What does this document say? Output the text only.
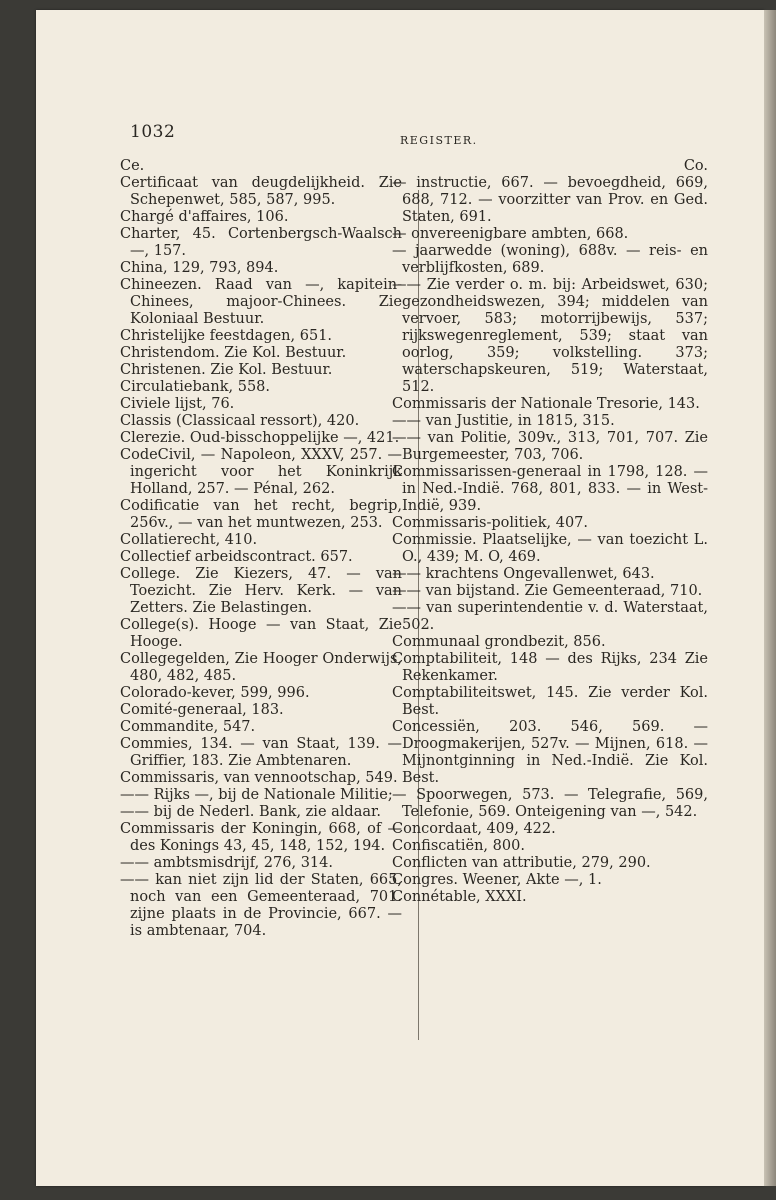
1032	REGISTER.
Ce.
Certificaat van deugdelijkheid. Zie Schepenwet, 585, 587, 995.
Chargé d'affaires, 106.
Charter, 45. Cortenbergsch-Waalsch —, 157.
China, 129, 793, 894.
Chineezen. Raad van —, kapitein-Chinees, majoor-Chinees. Zie Koloniaal Bestuur.
Christelijke feestdagen, 651.
Christendom. Zie Kol. Bestuur.
Christenen. Zie Kol. Bestuur.
Circulatiebank, 558.
Civiele lijst, 76.
Classis (Classicaal ressort), 420.
Clerezie. Oud-bisschoppelijke —, 421.
CodeCivil, — Napoleon, XXXV, 257. — ingericht voor het Koninkrijk Holland, 257. — Pénal, 262.
Codificatie van het recht, begrip, 256v., — van het muntwezen, 253.
Collatierecht, 410.
Collectief arbeidscontract. 657.
College. Zie Kiezers, 47. — van Toezicht. Zie Herv. Kerk. — van Zetters. Zie Belastingen.
College(s). Hooge — van Staat, Zie Hooge.
Collegegelden, Zie Hooger Onderwijs, 480, 482, 485.
Colorado-kever, 599, 996.
Comité-generaal, 183.
Commandite, 547.
Commies, 134. — van Staat, 139. — Griffier, 183. Zie Ambtenaren.
Commissaris, van vennootschap, 549.
—— Rijks —, bij de Nationale Militie;
—— bij de Nederl. Bank, zie aldaar.
Commissaris der Koningin, 668, of — des Konings 43, 45, 148, 152, 194.
—— ambtsmisdrijf, 276, 314.
—— kan niet zijn lid der Staten, 665, noch van een Gemeenteraad, 701. zijne plaats in de Provincie, 667. — is ambtenaar, 704.
Co.
— instructie, 667. — bevoegdheid, 669, 688, 712. — voorzitter van Prov. en Ged. Staten, 691.
— onvereenigbare ambten, 668.
— jaarwedde (woning), 688v. — reis- en verblijfkosten, 689.
—— Zie verder o. m. bij: Arbeidswet, 630; gezondheidswezen, 394; middelen van vervoer, 583; motorrijbewijs, 537; rijkswegenreglement, 539; staat van oorlog, 359; volkstelling. 373; waterschapskeuren, 519; Waterstaat, 512.
Commissaris der Nationale Tresorie, 143.
—— van Justitie, in 1815, 315.
—— van Politie, 309v., 313, 701, 707. Zie Burgemeester, 703, 706.
Commissarissen-generaal in 1798, 128. — in Ned.-Indië. 768, 801, 833. — in West-Indië, 939.
Commissaris-politiek, 407.
Commissie. Plaatselijke, — van toezicht L. O., 439; M. O, 469.
—— krachtens Ongevallenwet, 643.
—— van bijstand. Zie Gemeenteraad, 710.
—— van superintendentie v. d. Waterstaat, 502.
Communaal grondbezit, 856.
Comptabiliteit, 148 — des Rijks, 234 Zie Rekenkamer.
Comptabiliteitswet, 145. Zie verder Kol. Best.
Concessiën, 203. 546, 569. — Droogmakerijen, 527v. — Mijnen, 618. — Mijnontginning in Ned.-Indië. Zie Kol. Best.
— Spoorwegen, 573. — Telegrafie, 569, Telefonie, 569. Onteigening van —, 542.
Concordaat, 409, 422.
Confiscatiën, 800.
Conflicten van attributie, 279, 290.
Congres. Weener, Akte —, 1.
Connétable, XXXI.
